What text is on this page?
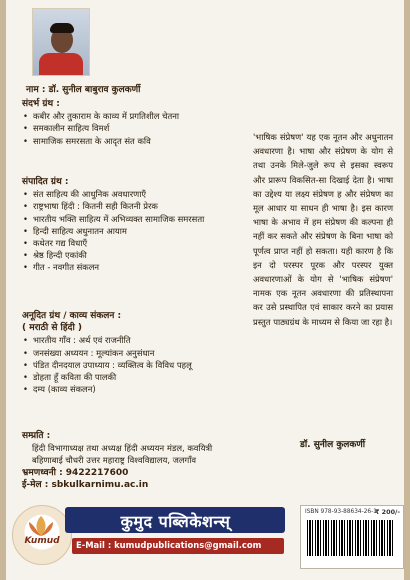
नाम : डॉ. सुनील बाबुराव कुलकर्णी
संदर्भ ग्रंथ :
• कबीर और तुकाराम के काव्य में प्रगतिशील चेतना
• समकालीन साहित्य विमर्श
• सामाजिक समरसता के आदृत संत कवि
संपादित ग्रंथ :
• संत साहित्य की आधुनिक अवधारणाएँ
• राष्ट्रभाषा हिंदी : कितनी सही कितनी प्रेरक
• भारतीय भक्ति साहित्य में अभिव्यक्त सामाजिक समरसता
• हिन्दी साहित्य अधुनातन आयाम
• कथेतर गद्य विधाएँ
• श्रेष्ठ हिन्दी एकांकी
• गीत - नवगीत संकलन
अनूदित ग्रंथ / काव्य संकलन :
( मराठी से हिंदी )
• भारतीय गाँव : अर्थ एवं राजनीति
• जनसंख्या अध्ययन : मूल्यांकन अनुसंधान
• पंडित दीनदयाल उपाध्याय : व्यक्तित्व के विविध पहलू
• डोहता हूँ कविता की पालकी
• दम्य (काव्य संकलन)
सम्प्रति :
हिंदी विभागाध्यक्ष तथा अध्यक्ष हिंदी अध्ययन मंडल, कवयित्री बहिणाबाई चौधरी उत्तर महाराष्ट्र विश्वविद्यालय, जलगाँव
भ्रमणध्वनी : 9422217600
ई-मेल : sbkulkarnimu.ac.in
'भाषिक संप्रेषण' यह एक नूतन और अधुनातन अवधारणा है। भाषा और संप्रेषण के योग से तथा उनके मिले-जुले रूप से इसका स्वरूप और प्रारूप विकसित-सा दिखाई देता है। भाषा का उद्देश्य या लक्ष्य संप्रेषण ह और संप्रेषण का मूल आधार या साधन ही भाषा है। इस कारण भाषा के अभाव में हम संप्रेषण की कल्पना ही नहीं कर सकते और संप्रेषण के बिना भाषा को पूर्णत्व प्राप्त नहीं हो सकता। यही कारण है कि इन दो परस्पर पूरक और परस्पर युक्त अवधारणाओं के योग से 'भाषिक संप्रेषण' नामक एक नूतन अवधारणा की प्रतिस्थापना कर उसे प्रस्थापित एवं साकार करने का प्रयास प्रस्तुत पाठ्यग्रंथ के माध्यम से किया जा रहा है।
डॉ. सुनील कुलकर्णी
Kumud
कुमुद पब्लिकेशन्स्
E-Mail : kumudpublications@gmail.com
ISBN 978-93-88634-26-1
₹ 200/-
